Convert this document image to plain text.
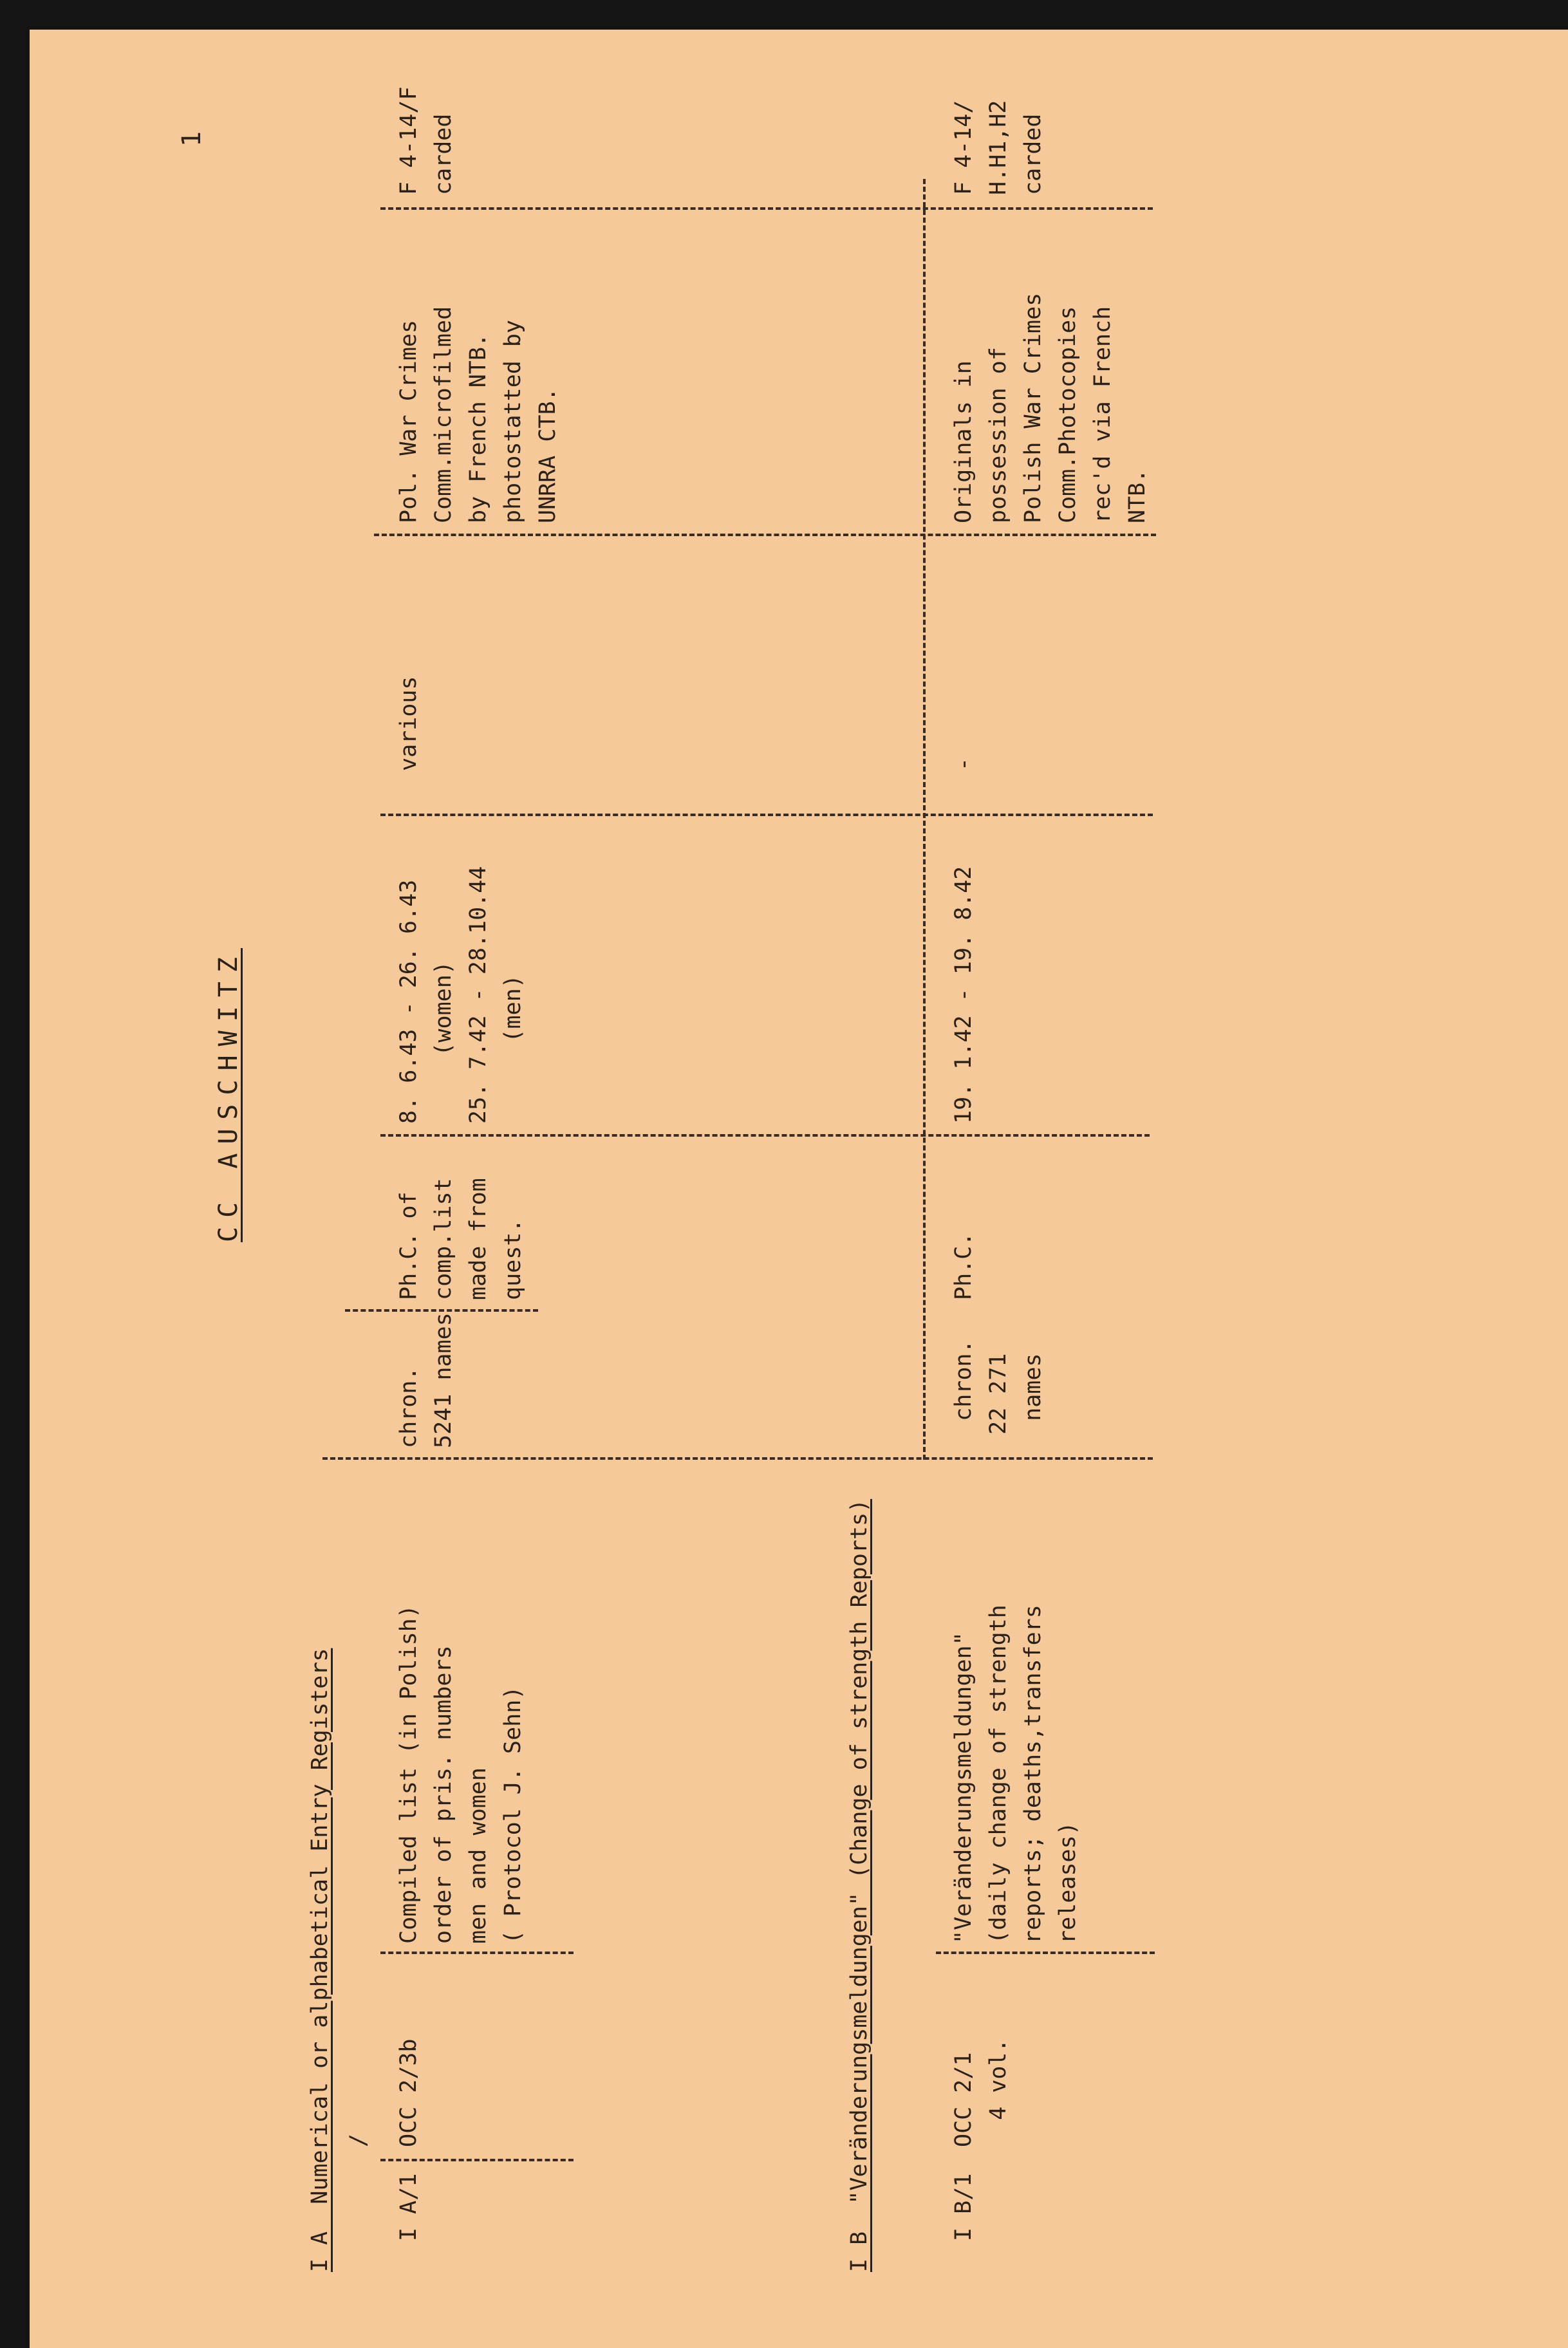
1
CC AUSCHWITZ
I A  Numerical or alphabetical Entry Registers /
I A/1
OCC 2/3b
Compiled list (in Polish) order of pris. numbers men and women ( Protocol J. Sehn)
chron. 5241 names
Ph.C. of comp.list made from quest.
8. 6.43 - 26. 6.43 (women) 25. 7.42 - 28.10.44 (men)
various
Pol. War Crimes Comm.microfilmed by French NTB. photostatted by UNRRA CTB.
F 4-14/F carded
I B  "Veränderungsmeldungen" (Change of strength Reports)	I B/1
OCC 2/1 4 vol.
"Veränderungsmeldungen" (daily change of strength reports; deaths,transfers releases)
chron. 22 271 names
Ph.C.
19. 1.42 - 19. 8.42
-
Originals in possession of Polish War Crimes Comm.Photocopies rec'd via French NTB.
F 4-14/ H.H1,H2 carded
